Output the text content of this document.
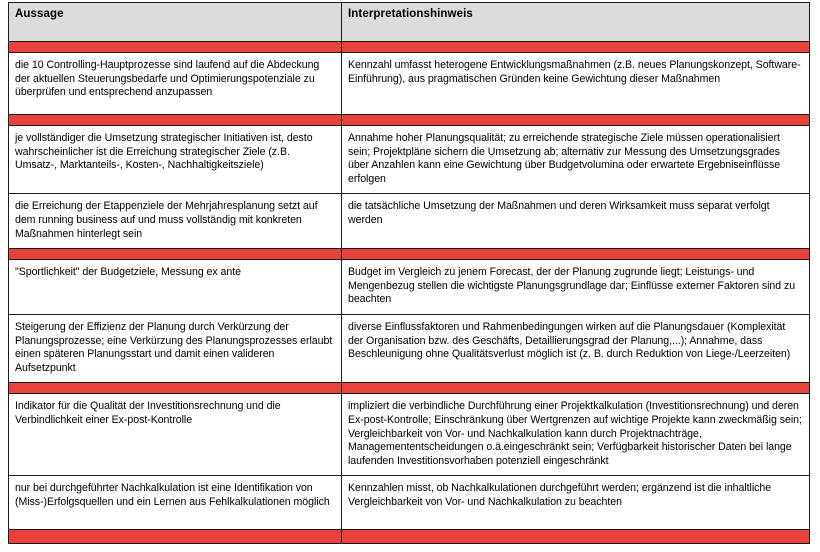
Aussage	Interpretationshinweis

die 10 Controlling-Hauptprozesse sind laufend auf die Abdeckung der aktuellen Steuerungsbedarfe und Optimierungspotenziale zu überprüfen und entsprechend anzupassen	Kennzahl umfasst heterogene Entwicklungsmaßnahmen (z.B. neues Planungskonzept, Software-Einführung), aus pragmatischen Gründen keine Gewichtung dieser Maßnahmen

je vollständiger die Umsetzung strategischer Initiativen ist, desto wahrscheinlicher ist die Erreichung strategischer Ziele (z.B. Umsatz-, Marktanteils-, Kosten-, Nachhaltigkeitsziele)	Annahme hoher Planungsqualität; zu erreichende strategische Ziele müssen operationalisiert sein; Projektpläne sichern die Umsetzung ab; alternativ zur Messung des Umsetzungsgrades über Anzahlen kann eine Gewichtung über Budgetvolumina oder erwartete Ergebniseinflüsse erfolgen

die Erreichung der Etappenziele der Mehrjahresplanung setzt auf dem running business auf und muss vollständig mit konkreten Maßnahmen hinterlegt sein	die tatsächliche Umsetzung der Maßnahmen und deren Wirksamkeit muss separat verfolgt werden

"Sportlichkeit" der Budgetziele, Messung ex ante	Budget im Vergleich zu jenem Forecast, der der Planung zugrunde liegt; Leistungs- und Mengenbezug stellen die wichtigste Planungsgrundlage dar; Einflüsse externer Faktoren sind zu beachten

Steigerung der Effizienz der Planung durch Verkürzung der Planungsprozesse; eine Verkürzung des Planungsprozesses erlaubt einen späteren Planungsstart und damit einen valideren Aufsetzpunkt	diverse Einflussfaktoren und Rahmenbedingungen wirken auf die Planungsdauer (Komplexität der Organisation bzw. des Geschäfts, Detaillierungsgrad der Planung,...); Annahme, dass Beschleunigung ohne Qualitätsverlust möglich ist (z. B. durch Reduktion von Liege-/Leerzeiten)

Indikator für die Qualität der Investitionsrechnung und die Verbindlichkeit einer Ex-post-Kontrolle	impliziert die verbindliche Durchführung einer Projektkalkulation (Investitionsrechnung) und deren Ex-post-Kontrolle; Einschränkung über Wertgrenzen auf wichtige Projekte kann zweckmäßig sein; Vergleichbarkeit von Vor- und Nachkalkulation kann durch Projektnachträge, Managemententscheidungen o.ä.eingeschränkt sein; Verfügbarkeit historischer Daten bei lange laufenden Investitionsvorhaben potenziell eingeschränkt

nur bei durchgeführter Nachkalkulation ist eine Identifikation von (Miss-)Erfolgsquellen und ein Lernen aus Fehlkalkulationen möglich	Kennzahlen misst, ob Nachkalkulationen durchgeführt werden; ergänzend ist die inhaltliche Vergleichbarkeit von Vor- und Nachkalkulation zu beachten
